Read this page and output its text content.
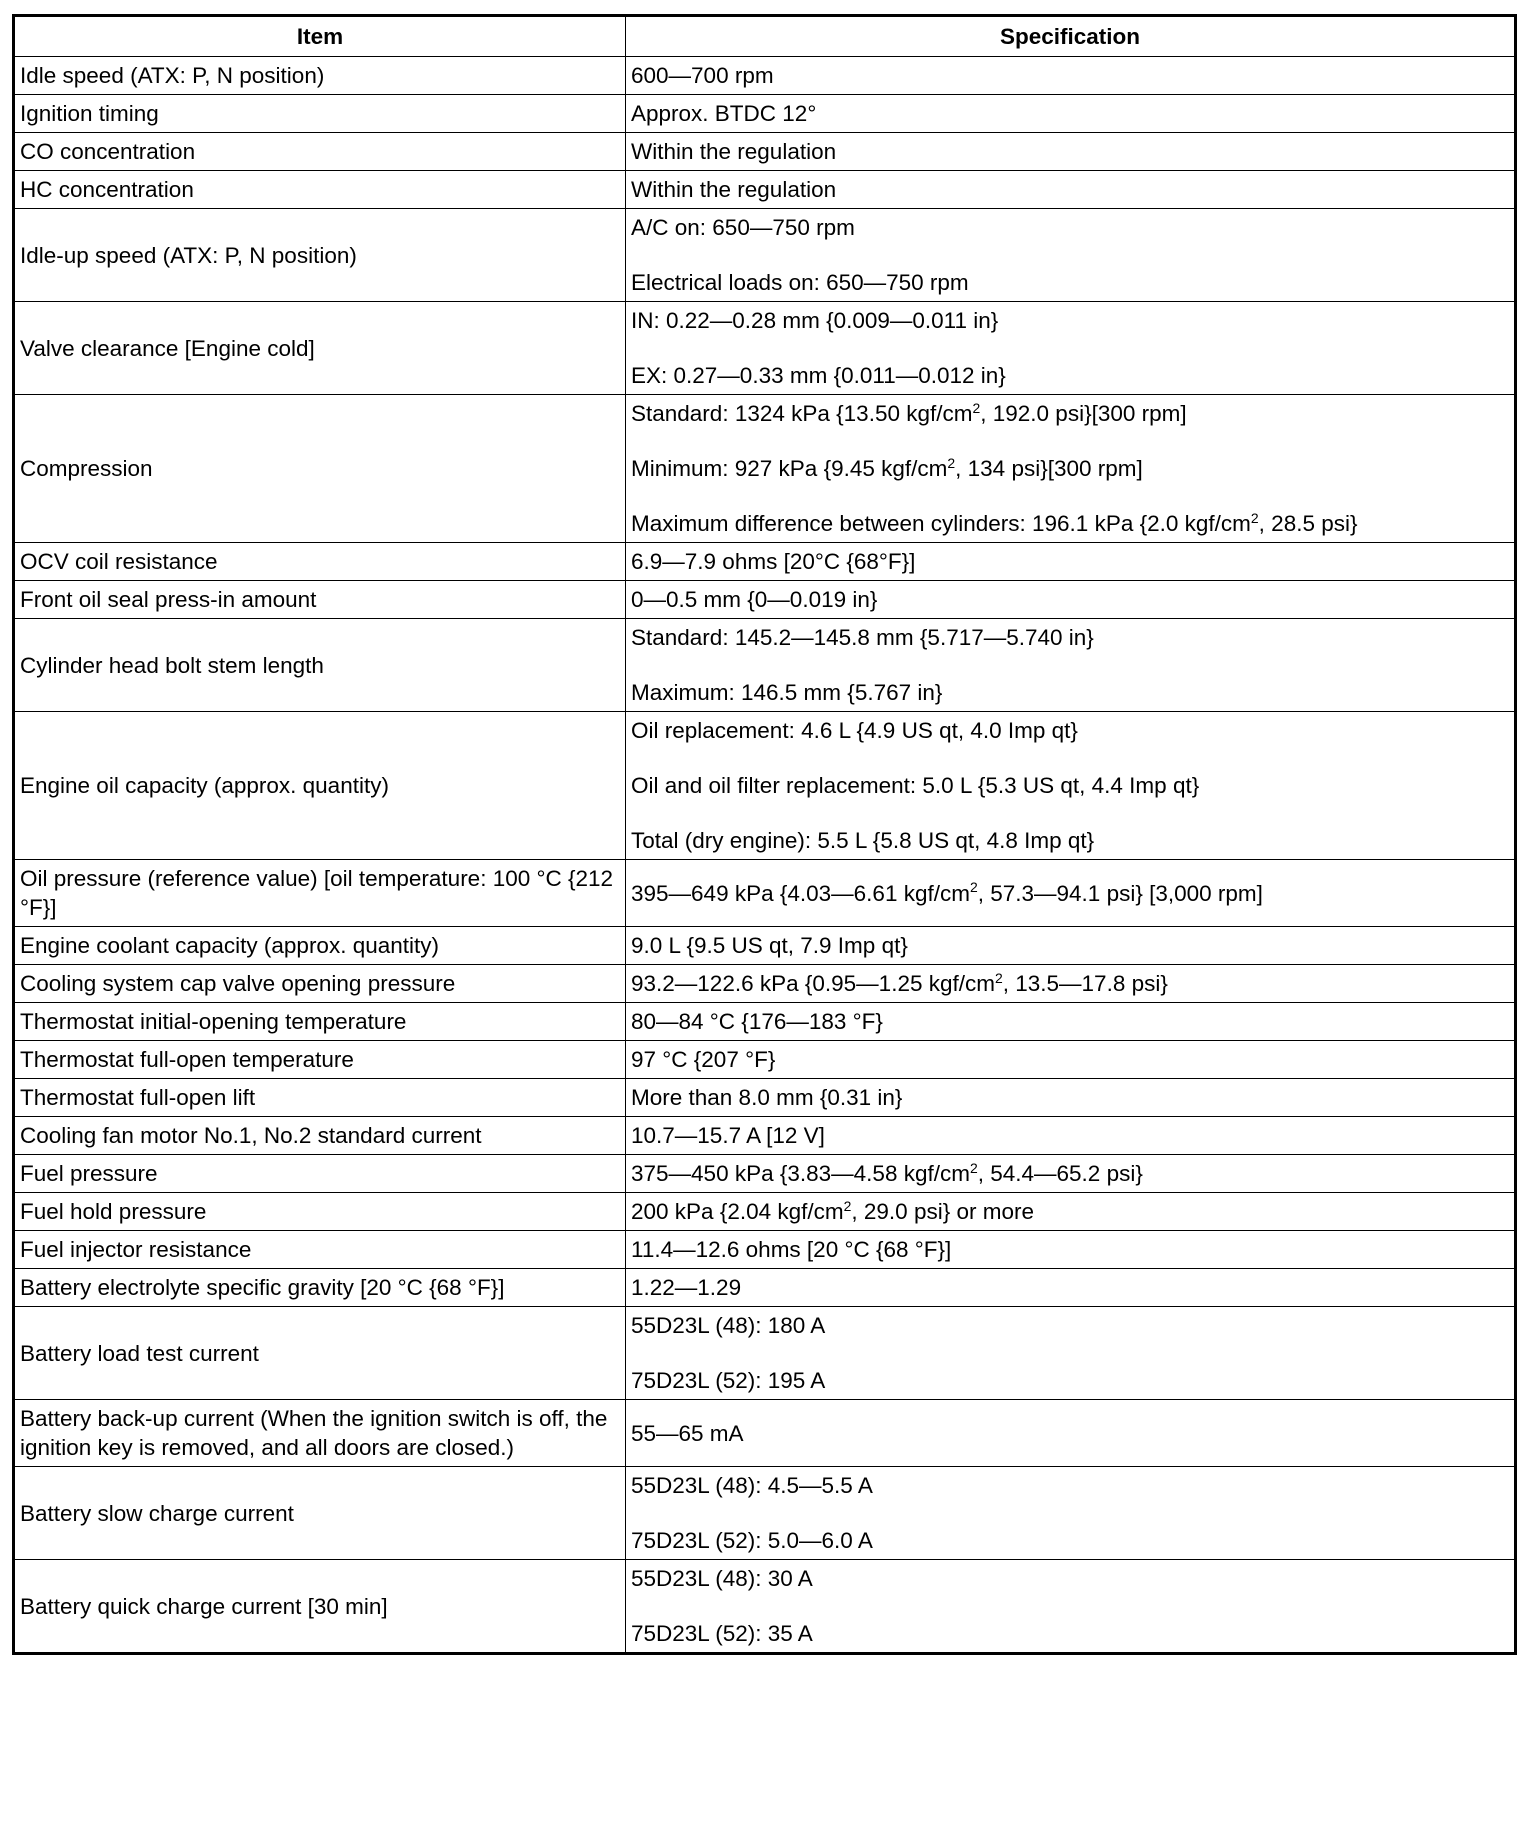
Item	Specification
Idle speed (ATX: P, N position)	600—700 rpm

Ignition timing	Approx. BTDC 12°

CO concentration	Within the regulation

HC concentration	Within the regulation

Idle-up speed (ATX: P, N position)	A/C on: 650—750 rpm
Electrical loads on: 650—750 rpm

Valve clearance [Engine cold]	IN: 0.22—0.28 mm {0.009—0.011 in}
EX: 0.27—0.33 mm {0.011—0.012 in}

Compression	Standard: 1324 kPa {13.50 kgf/$cm^2$, 192.0 psi}[300 rpm]
Minimum: 927 kPa {9.45 kgf/$cm^2$, 134 psi}[300 rpm]
Maximum difference between cylinders: 196.1 kPa {2.0 kgf/$cm^2$, 28.5 psi}

OCV coil resistance	6.9—7.9 ohms [20°C {68°F}]

Front oil seal press-in amount	0—0.5 mm {0—0.019 in}

Cylinder head bolt stem length	Standard: 145.2—145.8 mm {5.717—5.740 in}
Maximum: 146.5 mm {5.767 in}

Engine oil capacity (approx. quantity)	Oil replacement: 4.6 L {4.9 US qt, 4.0 Imp qt}
Oil and oil filter replacement: 5.0 L {5.3 US qt, 4.4 Imp qt}
Total (dry engine): 5.5 L {5.8 US qt, 4.8 Imp qt}

Oil pressure (reference value) [oil temperature: 100 °C {212 °F}]	395—649 kPa {4.03—6.61 kgf/$cm^2$, 57.3—94.1 psi} [3,000 rpm]

Engine coolant capacity (approx. quantity)	9.0 L {9.5 US qt, 7.9 Imp qt}

Cooling system cap valve opening pressure	93.2—122.6 kPa {0.95—1.25 kgf/$cm^2$, 13.5—17.8 psi}

Thermostat initial-opening temperature	80—84 °C {176—183 °F}

Thermostat full-open temperature	97 °C {207 °F}

Thermostat full-open lift	More than 8.0 mm {0.31 in}

Cooling fan motor No.1, No.2 standard current	10.7—15.7 A [12 V]

Fuel pressure	375—450 kPa {3.83—4.58 kgf/$cm^2$, 54.4—65.2 psi}

Fuel hold pressure	200 kPa {2.04 kgf/$cm^2$, 29.0 psi} or more

Fuel injector resistance	11.4—12.6 ohms [20 °C {68 °F}]

Battery electrolyte specific gravity [20 °C {68 °F}]	1.22—1.29

Battery load test current	55D23L (48): 180 A
75D23L (52): 195 A

Battery back-up current (When the ignition switch is off, the ignition key is removed, and all doors are closed.)	55—65 mA

Battery slow charge current	55D23L (48): 4.5—5.5 A
75D23L (52): 5.0—6.0 A

Battery quick charge current [30 min]	55D23L (48): 30 A
75D23L (52): 35 A
